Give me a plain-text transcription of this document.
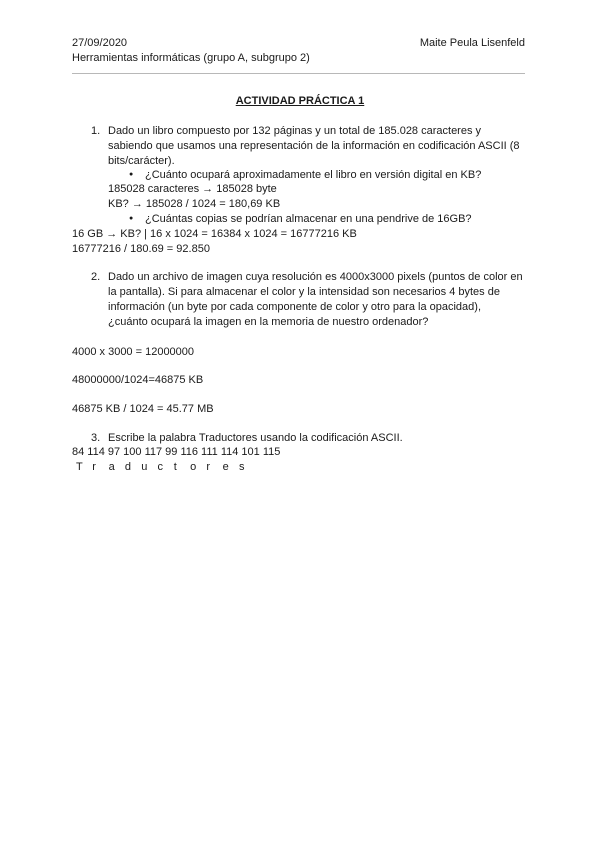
27/09/2020	Maite Peula Lisenfeld
Herramientas informáticas (grupo A, subgrupo 2)
ACTIVIDAD PRÁCTICA 1
1. Dado un libro compuesto por 132 páginas y un total de 185.028 caracteres y
sabiendo que usamos una representación de la información en codificación ASCII (8
bits/carácter).
● ¿Cuánto ocupará aproximadamente el libro en versión digital en KB?
185028 caracteres → 185028 byte
KB? → 185028 / 1024 = 180,69 KB
● ¿Cuántas copias se podrían almacenar en una pendrive de 16GB?
16 GB → KB? | 16 x 1024 = 16384 x 1024 = 16777216 KB
16777216 / 180.69 = 92.850
2. Dado un archivo de imagen cuya resolución es 4000x3000 pixels (puntos de color en
la pantalla). Si para almacenar el color y la intensidad son necesarios 4 bytes de
información (un byte por cada componente de color y otro para la opacidad),
¿cuánto ocupará la imagen en la memoria de nuestro ordenador?
4000 x 3000 = 12000000
48000000/1024=46875 KB
46875 KB / 1024 = 45.77 MB
3. Escribe la palabra Traductores usando la codificación ASCII.
84 114 97 100 117 99 116 111 114 101 115
T r a d u c t o r e s
